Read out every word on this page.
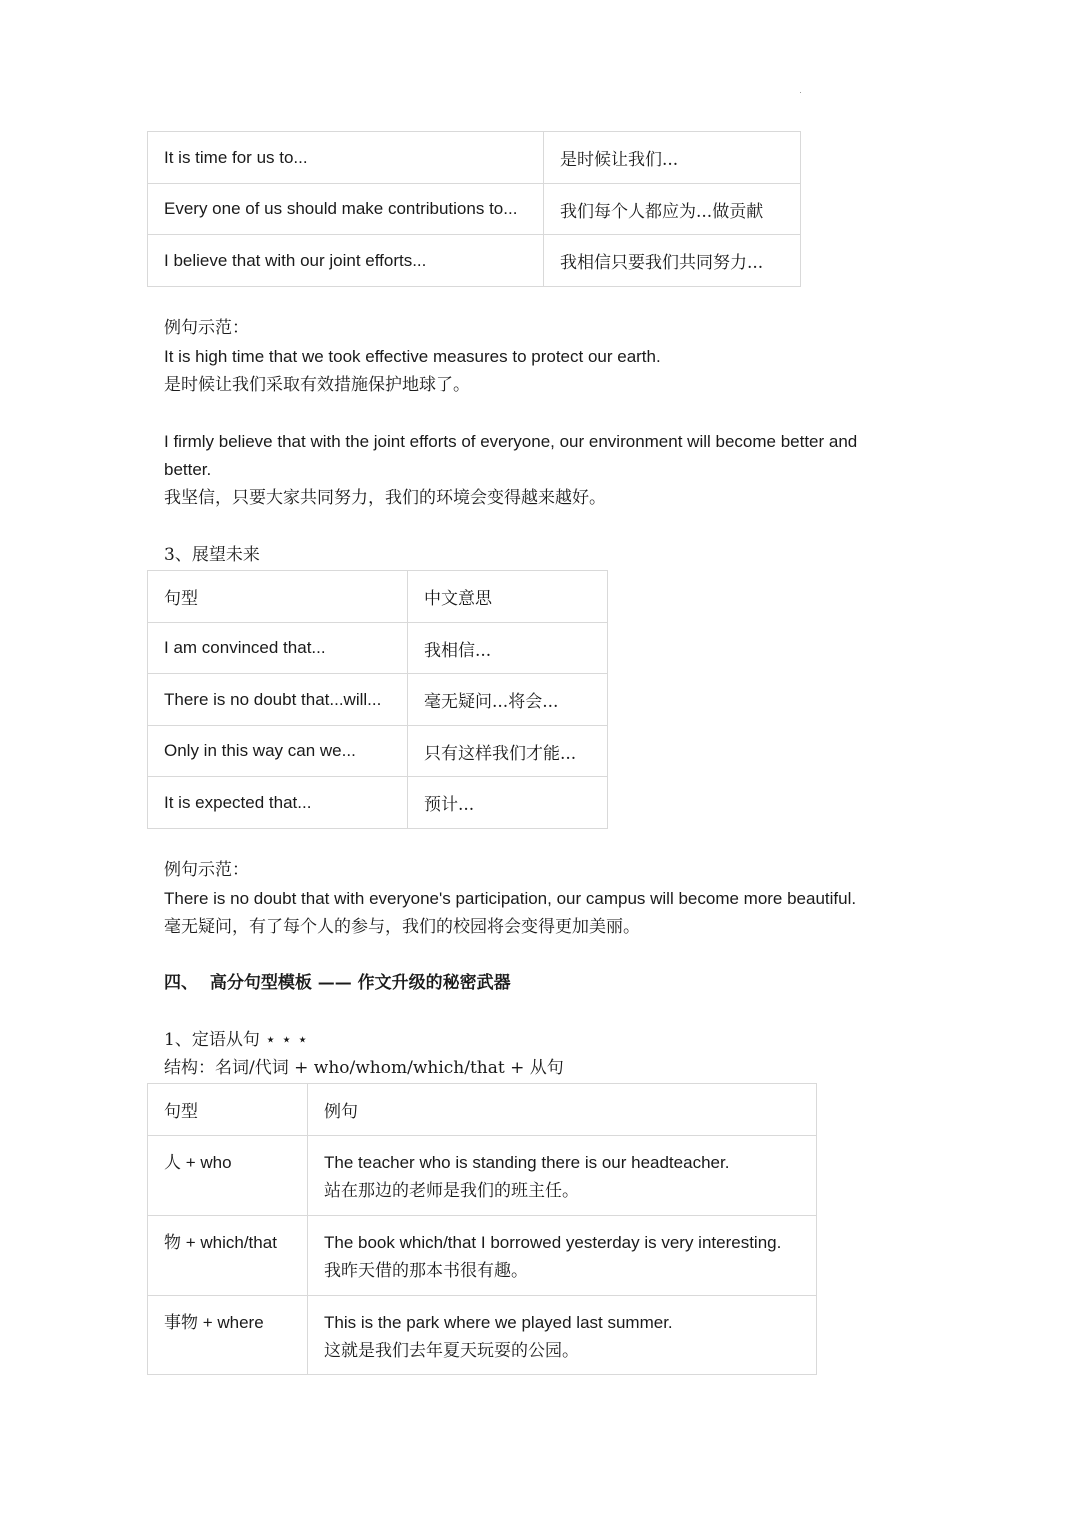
It is time for us to...	是时候让我们...
Every one of us should make contributions to...	我们每个人都应为...做贡献
I believe that with our joint efforts...	我相信只要我们共同努力...
例句示范：
It is high time that we took effective measures to protect our earth.
是时候让我们采取有效措施保护地球了。
I firmly believe that with the joint efforts of everyone, our environment will become better and
better.
我坚信，只要大家共同努力，我们的环境会变得越来越好。
3、展望未来
句型	中文意思
I am convinced that...	我相信...
There is no doubt that...will...	毫无疑问...将会...
Only in this way can we...	只有这样我们才能...
It is expected that...	预计...
例句示范：
There is no doubt that with everyone's participation, our campus will become more beautiful.
毫无疑问，有了每个人的参与，我们的校园将会变得更加美丽。
四、  高分句型模板 —— 作文升级的秘密武器
1、定语从句 ⋆ ⋆ ⋆
结构：名词/代词 + who/whom/which/that + 从句
句型	例句
人 + who	The teacher who is standing there is our headteacher.
站在那边的老师是我们的班主任。

物 + which/that	The book which/that I borrowed yesterday is very interesting.
我昨天借的那本书很有趣。

事物 + where	This is the park where we played last summer.
这就是我们去年夏天玩耍的公园。
